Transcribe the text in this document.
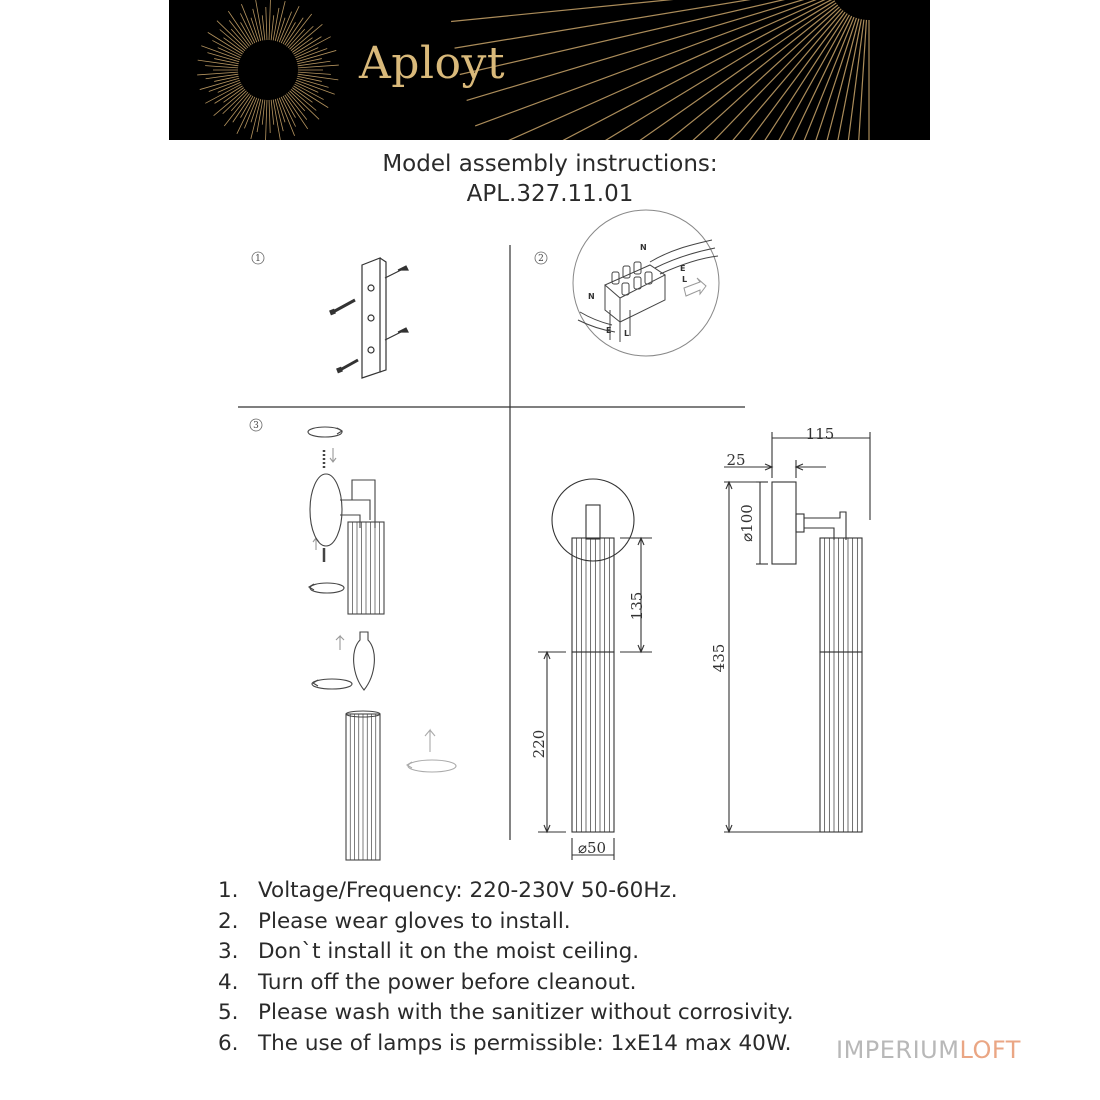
Aployt
Model assembly instructions:
APL.327.11.01
1	2
N
E
L
N
E L
3
135
220
⌀50
115
25
⌀100
435
1. Voltage/Frequency: 220-230V 50-60Hz.
2. Please wear gloves to install.
3. Don`t install it on the moist ceiling.
4. Turn off the power before cleanout.
5. Please wash with the sanitizer without corrosivity.
6. The use of lamps is permissible: 1xE14 max 40W. IMPERIUMLOFT
